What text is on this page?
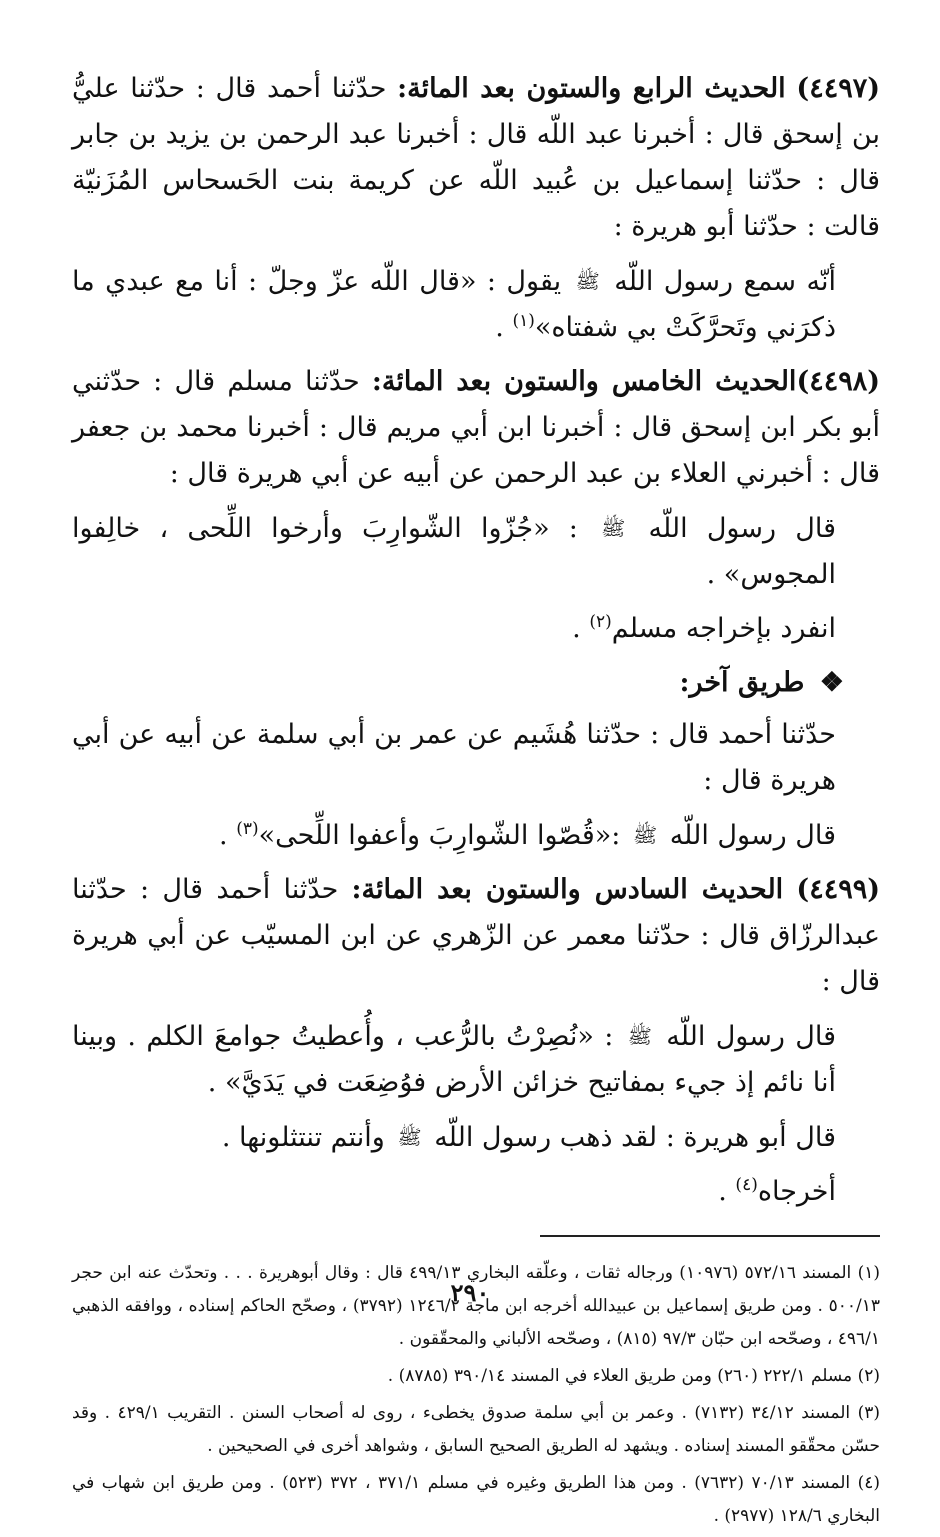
(٤٤٩٧) الحديث الرابع والستون بعد المائة: حدّثنا أحمد قال : حدّثنا عليُّ بن إسحق قال : أخبرنا عبد اللّه قال : أخبرنا عبد الرحمن بن يزيد بن جابر قال : حدّثنا إسماعيل بن عُبيد اللّه عن كريمة بنت الحَسحاس المُزَنيّة قالت : حدّثنا أبو هريرة :

أنّه سمع رسول اللّه ﷺ يقول : «قال اللّه عزّ وجلّ : أنا مع عبدي ما ذكرَني وتَحرَّكَتْ بي شفتاه»$^{(١)}$ .

(٤٤٩٨)الحديث الخامس والستون بعد المائة: حدّثنا مسلم قال : حدّثني أبو بكر ابن إسحق قال : أخبرنا ابن أبي مريم قال : أخبرنا محمد بن جعفر قال : أخبرني العلاء بن عبد الرحمن عن أبيه عن أبي هريرة قال :

قال رسول اللّه ﷺ : «جُزّوا الشّوارِبَ وأرخوا اللِّحى ، خالِفوا المجوس» .

انفرد بإخراجه مسلم$^{(٢)}$ .

❖ طريق آخر:

حدّثنا أحمد قال : حدّثنا هُشَيم عن عمر بن أبي سلمة عن أبيه عن أبي هريرة قال :

قال رسول اللّه ﷺ :«قُصّوا الشّوارِبَ وأعفوا اللِّحى»$^{(٣)}$ .

(٤٤٩٩) الحديث السادس والستون بعد المائة: حدّثنا أحمد قال : حدّثنا عبدالرزّاق قال : حدّثنا معمر عن الزّهري عن ابن المسيّب عن أبي هريرة قال :

قال رسول اللّه ﷺ : «نُصِرْتُ بالرُّعب ، وأُعطيتُ جوامعَ الكلم . وبينا أنا نائم إذ جيء بمفاتيح خزائن الأرض فوُضِعَت في يَدَيَّ» .

قال أبو هريرة : لقد ذهب رسول اللّه ﷺ وأنتم تنتثلونها .

أخرجاه$^{(٤)}$ .

(١) المسند ٥٧٢/١٦ (١٠٩٧٦) ورجاله ثقات ، وعلّقه البخاري ٤٩٩/١٣ قال : وقال أبوهريرة . . . وتحدّث عنه ابن حجر ٥٠٠/١٣ . ومن طريق إسماعيل بن عبيدالله أخرجه ابن ماجة ١٢٤٦/٢ (٣٧٩٢) ، وصحّح الحاكم إسناده ، ووافقه الذهبي ٤٩٦/١ ، وصحّحه ابن حبّان ٩٧/٣ (٨١٥) ، وصحّحه الألباني والمحقّقون .

(٢) مسلم ٢٢٢/١ (٢٦٠) ومن طريق العلاء في المسند ٣٩٠/١٤ (٨٧٨٥) .

(٣) المسند ٣٤/١٢ (٧١٣٢) . وعمر بن أبي سلمة صدوق يخطىء ، روى له أصحاب السنن . التقريب ٤٢٩/١ . وقد حسّن محقّقو المسند إسناده . ويشهد له الطريق الصحيح السابق ، وشواهد أخرى في الصحيحين .

(٤) المسند ٧٠/١٣ (٧٦٣٢) . ومن هذا الطريق وغيره في مسلم ٣٧١/١ ، ٣٧٢ (٥٢٣) . ومن طريق ابن شهاب في البخاري ١٢٨/٦ (٢٩٧٧) .

٢٩٠
